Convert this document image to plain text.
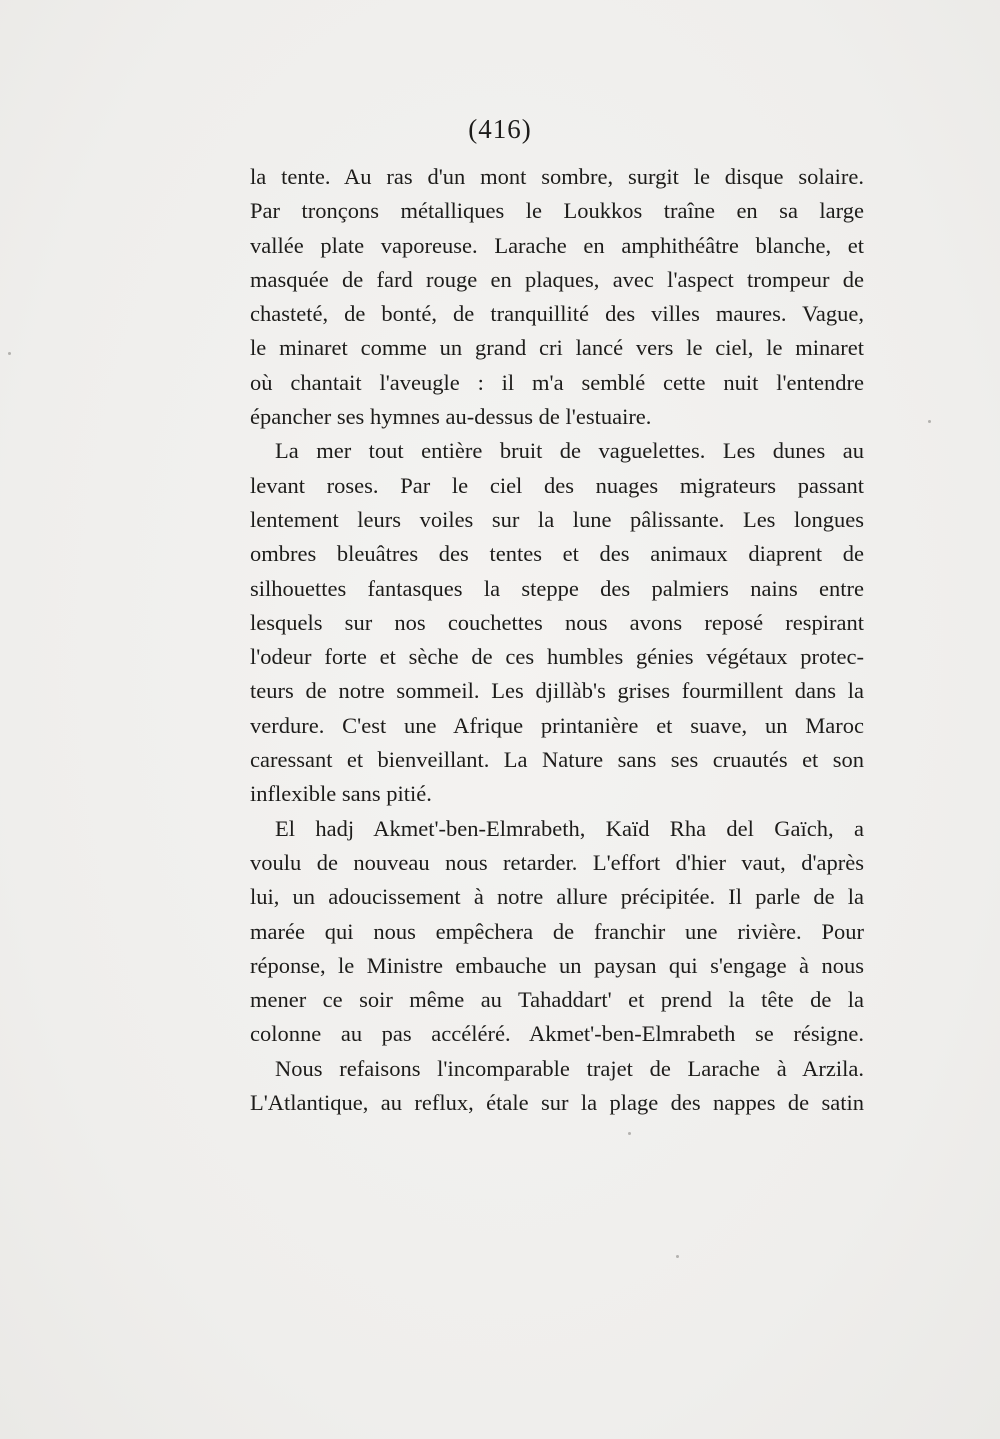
(416)

la tente. Au ras d'un mont sombre, surgit le disque solaire.
Par tronçons métalliques le Loukkos traîne en sa large
vallée plate vaporeuse. Larache en amphithéâtre blanche, et
masquée de fard rouge en plaques, avec l'aspect trompeur de
chasteté, de bonté, de tranquillité des villes maures. Vague,
le minaret comme un grand cri lancé vers le ciel, le minaret
où chantait l'aveugle : il m'a semblé cette nuit l'entendre
épancher ses hymnes au-dessus de l'estuaire.

La mer tout entière bruit de vaguelettes. Les dunes au
levant roses. Par le ciel des nuages migrateurs passant
lentement leurs voiles sur la lune pâlissante. Les longues
ombres bleuâtres des tentes et des animaux diaprent de
silhouettes fantasques la steppe des palmiers nains entre
lesquels sur nos couchettes nous avons reposé respirant
l'odeur forte et sèche de ces humbles génies végétaux protec-
teurs de notre sommeil. Les djillàb's grises fourmillent dans la
verdure. C'est une Afrique printanière et suave, un Maroc
caressant et bienveillant. La Nature sans ses cruautés et son
inflexible sans pitié.

El hadj Akmet'-ben-Elmrabeth, Kaïd Rha del Gaïch, a
voulu de nouveau nous retarder. L'effort d'hier vaut, d'après
lui, un adoucissement à notre allure précipitée. Il parle de la
marée qui nous empêchera de franchir une rivière. Pour
réponse, le Ministre embauche un paysan qui s'engage à nous
mener ce soir même au Tahaddart' et prend la tête de la
colonne au pas accéléré. Akmet'-ben-Elmrabeth se résigne.

Nous refaisons l'incomparable trajet de Larache à Arzila.
L'Atlantique, au reflux, étale sur la plage des nappes de satin
